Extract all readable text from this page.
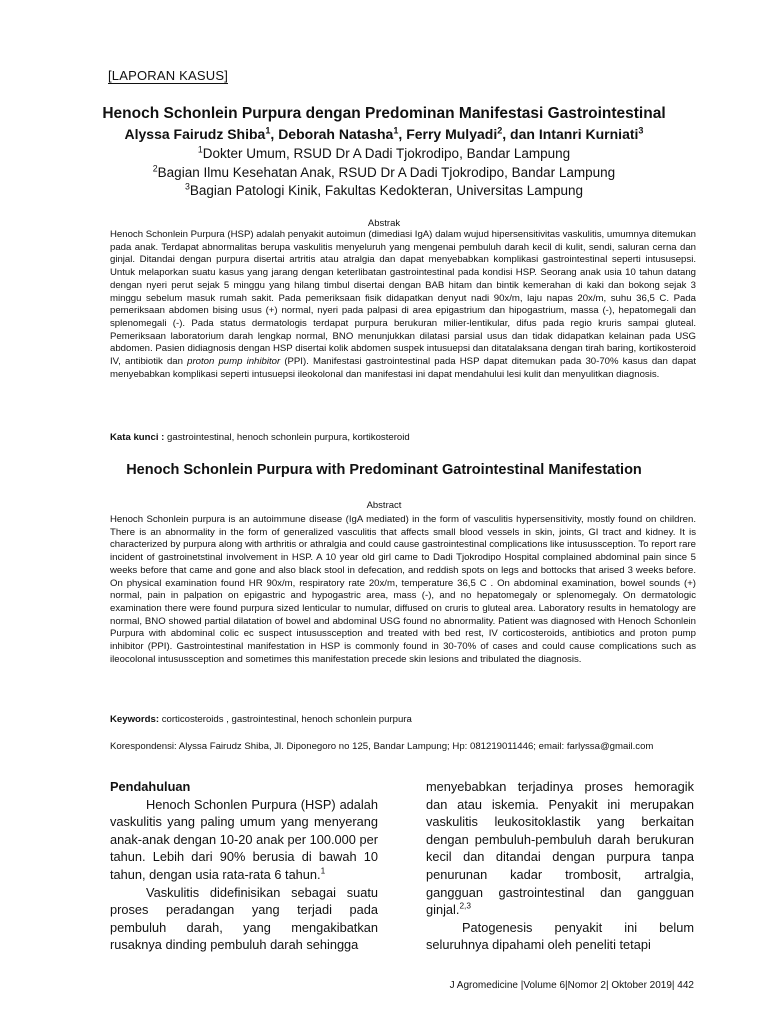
[LAPORAN KASUS]
Henoch Schonlein Purpura dengan Predominan Manifestasi Gastrointestinal
Alyssa Fairudz Shiba$^1$, Deborah Natasha$^1$, Ferry Mulyadi$^2$, dan Intanri Kurniati$^3$
$^1$Dokter Umum, RSUD Dr A Dadi Tjokrodipo, Bandar Lampung
$^2$Bagian Ilmu Kesehatan Anak, RSUD Dr A Dadi Tjokrodipo, Bandar Lampung
$^3$Bagian Patologi Kinik, Fakultas Kedokteran, Universitas Lampung
Abstrak

Henoch Schonlein Purpura (HSP) adalah penyakit autoimun (dimediasi IgA) dalam wujud hipersensitivitas vaskulitis, umumnya ditemukan pada anak. Terdapat abnormalitas berupa vaskulitis menyeluruh yang mengenai pembuluh darah kecil di kulit, sendi, saluran cerna dan ginjal. Ditandai dengan purpura disertai artritis atau atralgia dan dapat menyebabkan komplikasi gastrointestinal seperti intususepsi. Untuk melaporkan suatu kasus yang jarang dengan keterlibatan gastrointestinal pada kondisi HSP. Seorang anak usia 10 tahun datang dengan nyeri perut sejak 5 minggu yang hilang timbul disertai dengan BAB hitam dan bintik kemerahan di kaki dan bokong sejak 3 minggu sebelum masuk rumah sakit. Pada pemeriksaan fisik didapatkan denyut nadi 90x/m, laju napas 20x/m, suhu 36,5 C. Pada pemeriksaan abdomen bising usus (+) normal, nyeri pada palpasi di area epigastrium dan hipogastrium, massa (-), hepatomegali dan splenomegali (-). Pada status dermatologis terdapat purpura berukuran milier-lentikular, difus pada regio kruris sampai gluteal. Pemeriksaan laboratorium darah lengkap normal, BNO menunjukkan dilatasi parsial usus dan tidak didapatkan kelainan pada USG abdomen. Pasien didiagnosis dengan HSP disertai kolik abdomen suspek intusuepsi dan ditatalaksana dengan tirah baring, kortikosteroid IV, antibiotik dan proton pump inhibitor (PPI). Manifestasi gastrointestinal pada HSP dapat ditemukan pada 30-70% kasus dan dapat menyebabkan komplikasi seperti intusuepsi ileokolonal dan manifestasi ini dapat mendahului lesi kulit dan menyulitkan diagnosis.

Kata kunci : gastrointestinal, henoch schonlein purpura, kortikosteroid
Henoch Schonlein Purpura with Predominant Gatrointestinal Manifestation
Abstract

Henoch Schonlein purpura is an autoimmune disease (IgA mediated) in the form of vasculitis hypersensitivity, mostly found on children. There is an abnormality in the form of generalized vasculitis that affects small blood vessels in skin, joints, GI tract and kidney. It is characterized by purpura along with arthritis or athralgia and could cause gastrointestinal complications like intusussception. To report rare incident of gastroinetstinal involvement in HSP. A 10 year old girl came to Dadi Tjokrodipo Hospital complained abdominal pain since 5 weeks before that came and gone and also black stool in defecation, and reddish spots on legs and bottocks that arised 3 weeks before. On physical examination found HR 90x/m, respiratory rate 20x/m, temperature 36,5 C . On abdominal examination, bowel sounds (+) normal, pain in palpation on epigastric and hypogastric area, mass (-), and no hepatomegaly or splenomegaly. On dermatologic examination there were found purpura sized lenticular to numular, diffused on cruris to gluteal area. Laboratory results in hematology are normal, BNO showed partial dilatation of bowel and abdominal USG found no abnormality. Patient was diagnosed with Henoch Schonlein Purpura with abdominal colic ec suspect intusussception and treated with bed rest, IV corticosteroids, antibiotics and proton pump inhibitor (PPI). Gastrointestinal manifestation in HSP is commonly found in 30-70% of cases and could cause complications such as ileocolonal intusussception and sometimes this manifestation precede skin lesions and tribulated the diagnosis.

Keywords: corticosteroids , gastrointestinal, henoch schonlein purpura
Korespondensi: Alyssa Fairudz Shiba, Jl. Diponegoro no 125, Bandar Lampung; Hp: 081219011446; email: farlyssa@gmail.com

Pendahuluan

Henoch Schonlen Purpura (HSP) adalah vaskulitis yang paling umum yang menyerang anak-anak dengan 10-20 anak per 100.000 per tahun. Lebih dari 90% berusia di bawah 10 tahun, dengan usia rata-rata 6 tahun.$^1$

Vaskulitis didefinisikan sebagai suatu proses peradangan yang terjadi pada pembuluh darah, yang mengakibatkan rusaknya dinding pembuluh darah sehingga

menyebabkan terjadinya proses hemoragik dan atau iskemia. Penyakit ini merupakan vaskulitis leukositoklastik yang berkaitan dengan pembuluh-pembuluh darah berukuran kecil dan ditandai dengan purpura tanpa penurunan kadar trombosit, artralgia, gangguan gastrointestinal dan gangguan ginjal.$^{2,3}$

Patogenesis penyakit ini belum seluruhnya dipahami oleh peneliti tetapi

J Agromedicine |Volume 6|Nomor 2| Oktober 2019| 442
